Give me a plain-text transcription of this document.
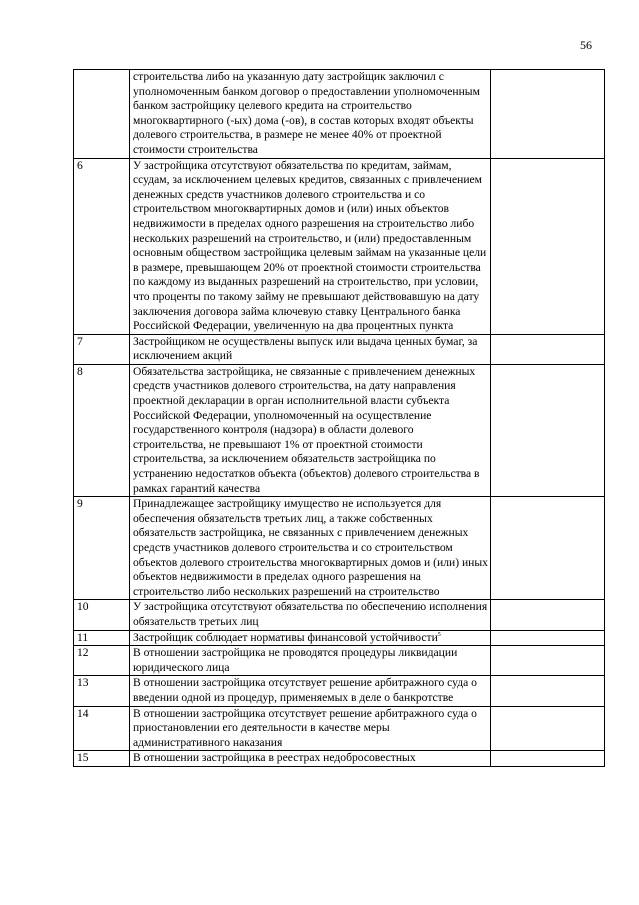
56
	строительства либо на указанную дату застройщик заключил с уполномоченным банком договор о предоставлении уполномоченным банком застройщику целевого кредита на строительство многоквартирного (-ых) дома (-ов), в состав которых входят объекты долевого строительства, в размере не менее 40% от проектной стоимости строительства	
6	У застройщика отсутствуют обязательства по кредитам, займам, ссудам, за исключением целевых кредитов, связанных с привлечением денежных средств участников долевого строительства и со строительством многоквартирных домов и (или) иных объектов недвижимости в пределах одного разрешения на строительство либо нескольких разрешений на строительство, и (или) предоставленным основным обществом застройщика целевым займам на указанные цели в размере, превышающем 20% от проектной стоимости строительства по каждому из выданных разрешений на строительство, при условии, что проценты по такому займу не превышают действовавшую на дату заключения договора займа ключевую ставку Центрального банка Российской Федерации, увеличенную на два процентных пункта	
7	Застройщиком не осуществлены выпуск или выдача ценных бумаг, за исключением акций	
8	Обязательства застройщика, не связанные с привлечением денежных средств участников долевого строительства, на дату направления проектной декларации в орган исполнительной власти субъекта Российской Федерации, уполномоченный на осуществление государственного контроля (надзора) в области долевого строительства, не превышают 1% от проектной стоимости строительства, за исключением обязательств застройщика по устранению недостатков объекта (объектов) долевого строительства в рамках гарантий качества	
9	Принадлежащее застройщику имущество не используется для обеспечения обязательств третьих лиц, а также собственных обязательств застройщика, не связанных с привлечением денежных средств участников долевого строительства и со строительством объектов долевого строительства многоквартирных домов и (или) иных объектов недвижимости в пределах одного разрешения на строительство либо нескольких разрешений на строительство	
10	У застройщика отсутствуют обязательства по обеспечению исполнения обязательств третьих лиц	
11	Застройщик соблюдает нормативы финансовой устойчивости$^5$	
12	В отношении застройщика не проводятся процедуры ликвидации юридического лица	
13	В отношении застройщика отсутствует решение арбитражного суда о введении одной из процедур, применяемых в деле о банкротстве	
14	В отношении застройщика отсутствует решение арбитражного суда о приостановлении его деятельности в качестве меры административного наказания	
15	В отношении застройщика в реестрах недобросовестных	
